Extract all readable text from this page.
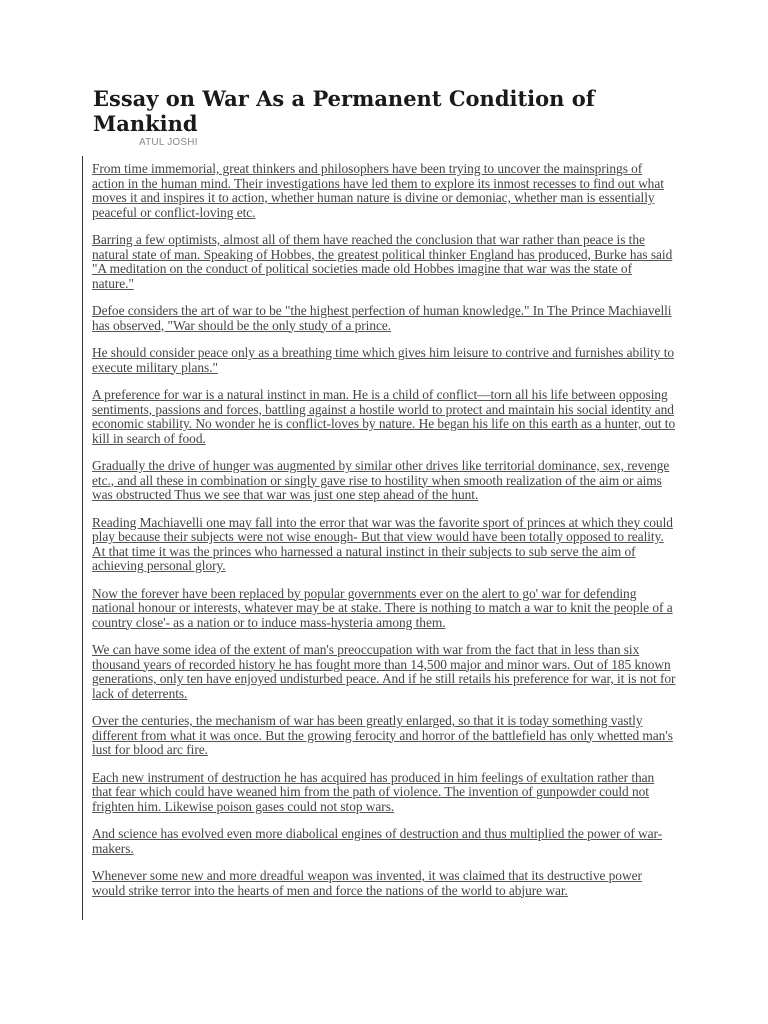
Essay on War As a Permanent Condition of Mankind
ATUL JOSHI

From time immemorial, great thinkers and philosophers have been trying to uncover the mainsprings of action in the human mind. Their investigations have led them to explore its inmost recesses to find out what moves it and inspires it to action, whether human nature is divine or demoniac, whether man is essentially peaceful or conflict-loving etc.

Barring a few optimists, almost all of them have reached the conclusion that war rather than peace is the natural state of man. Speaking of Hobbes, the greatest political thinker England has produced, Burke has said "A meditation on the conduct of political societies made old Hobbes imagine that war was the state of nature."

Defoe considers the art of war to be "the highest perfection of human knowledge." In The Prince Machiavelli has observed, "War should be the only study of a prince.

He should consider peace only as a breathing time which gives him leisure to contrive and furnishes ability to execute military plans."

A preference for war is a natural instinct in man. He is a child of conflict—torn all his life between opposing sentiments, passions and forces, battling against a hostile world to protect and maintain his social identity and economic stability. No wonder he is conflict-loves by nature. He began his life on this earth as a hunter, out to kill in search of food.

Gradually the drive of hunger was augmented by similar other drives like territorial dominance, sex, revenge etc., and all these in combination or singly gave rise to hostility when smooth realization of the aim or aims was obstructed Thus we see that war was just one step ahead of the hunt.

Reading Machiavelli one may fall into the error that war was the favorite sport of princes at which they could play because their subjects were not wise enough- But that view would have been totally opposed to reality. At that time it was the princes who harnessed a natural instinct in their subjects to sub serve the aim of achieving personal glory.

Now the forever have been replaced by popular governments ever on the alert to go' war for defending national honour or interests, whatever may be at stake. There is nothing to match a war to knit the people of a country close'- as a nation or to induce mass-hysteria among them.

We can have some idea of the extent of man's preoccupation with war from the fact that in less than six thousand years of recorded history he has fought more than 14,500 major and minor wars. Out of 185 known generations, only ten have enjoyed undisturbed peace. And if he still retails his preference for war, it is not for lack of deterrents.

Over the centuries, the mechanism of war has been greatly enlarged, so that it is today something vastly different from what it was once. But the growing ferocity and horror of the battlefield has only whetted man's lust for blood arc fire.

Each new instrument of destruction he has acquired has produced in him feelings of exultation rather than that fear which could have weaned him from the path of violence. The invention of gunpowder could not frighten him. Likewise poison gases could not stop wars.

And science has evolved even more diabolical engines of destruction and thus multiplied the power of war-makers.

Whenever some new and more dreadful weapon was invented, it was claimed that its destructive power would strike terror into the hearts of men and force the nations of the world to abjure war.
